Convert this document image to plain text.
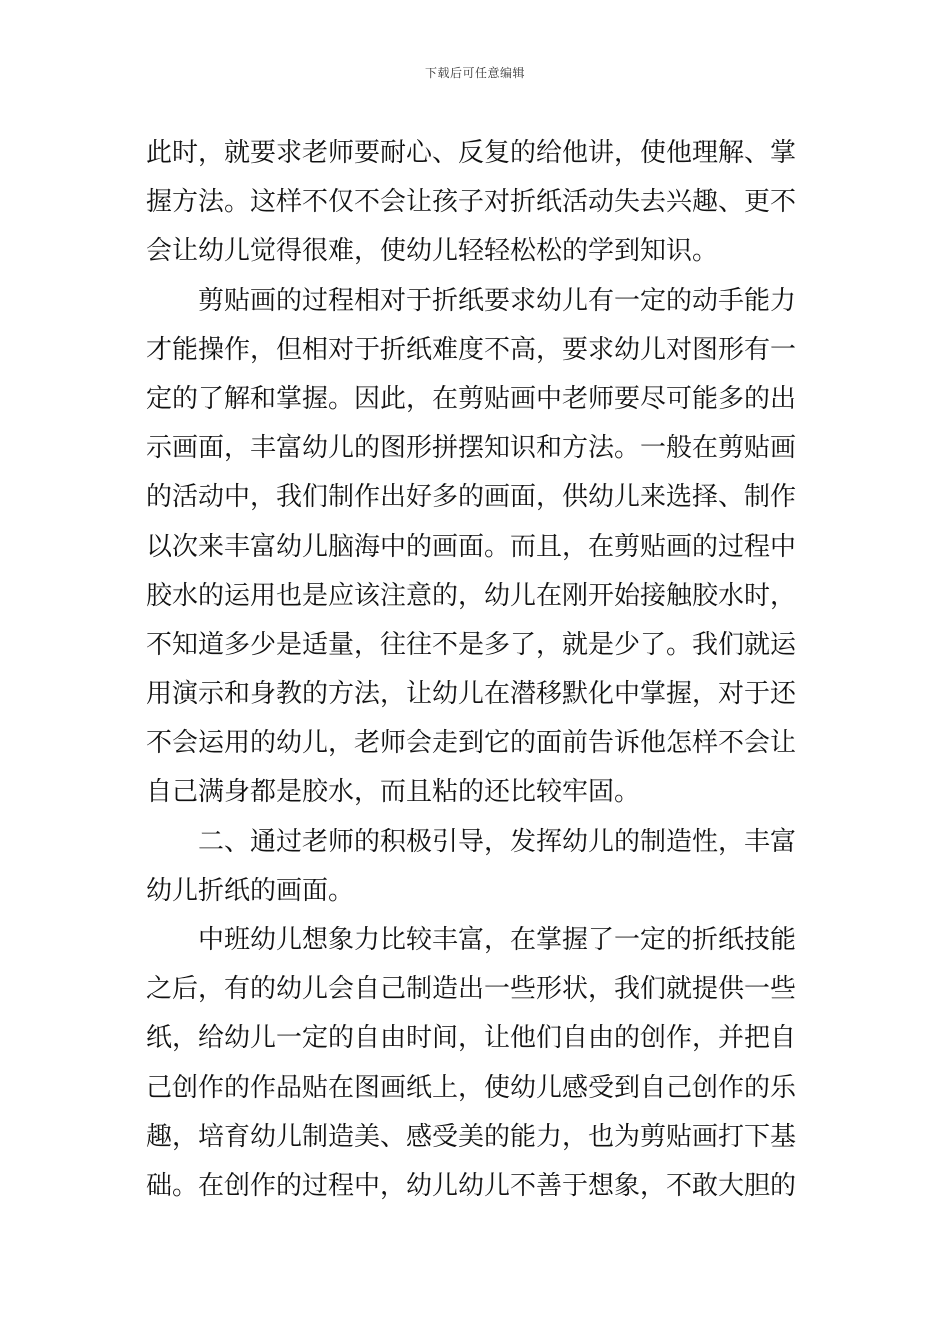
下载后可任意编辑
此时，就要求老师要耐心、反复的给他讲，使他理解、掌
握方法。这样不仅不会让孩子对折纸活动失去兴趣、更不
会让幼儿觉得很难，使幼儿轻轻松松的学到知识。
剪贴画的过程相对于折纸要求幼儿有一定的动手能力
才能操作，但相对于折纸难度不高，要求幼儿对图形有一
定的了解和掌握。因此，在剪贴画中老师要尽可能多的出
示画面，丰富幼儿的图形拼摆知识和方法。一般在剪贴画
的活动中，我们制作出好多的画面，供幼儿来选择、制作
以次来丰富幼儿脑海中的画面。而且，在剪贴画的过程中
胶水的运用也是应该注意的，幼儿在刚开始接触胶水时，
不知道多少是适量，往往不是多了，就是少了。我们就运
用演示和身教的方法，让幼儿在潜移默化中掌握，对于还
不会运用的幼儿，老师会走到它的面前告诉他怎样不会让
自己满身都是胶水，而且粘的还比较牢固。
二、通过老师的积极引导，发挥幼儿的制造性，丰富
幼儿折纸的画面。
中班幼儿想象力比较丰富，在掌握了一定的折纸技能
之后，有的幼儿会自己制造出一些形状，我们就提供一些
纸，给幼儿一定的自由时间，让他们自由的创作，并把自
己创作的作品贴在图画纸上，使幼儿感受到自己创作的乐
趣，培育幼儿制造美、感受美的能力，也为剪贴画打下基
础。在创作的过程中，幼儿幼儿不善于想象，不敢大胆的
